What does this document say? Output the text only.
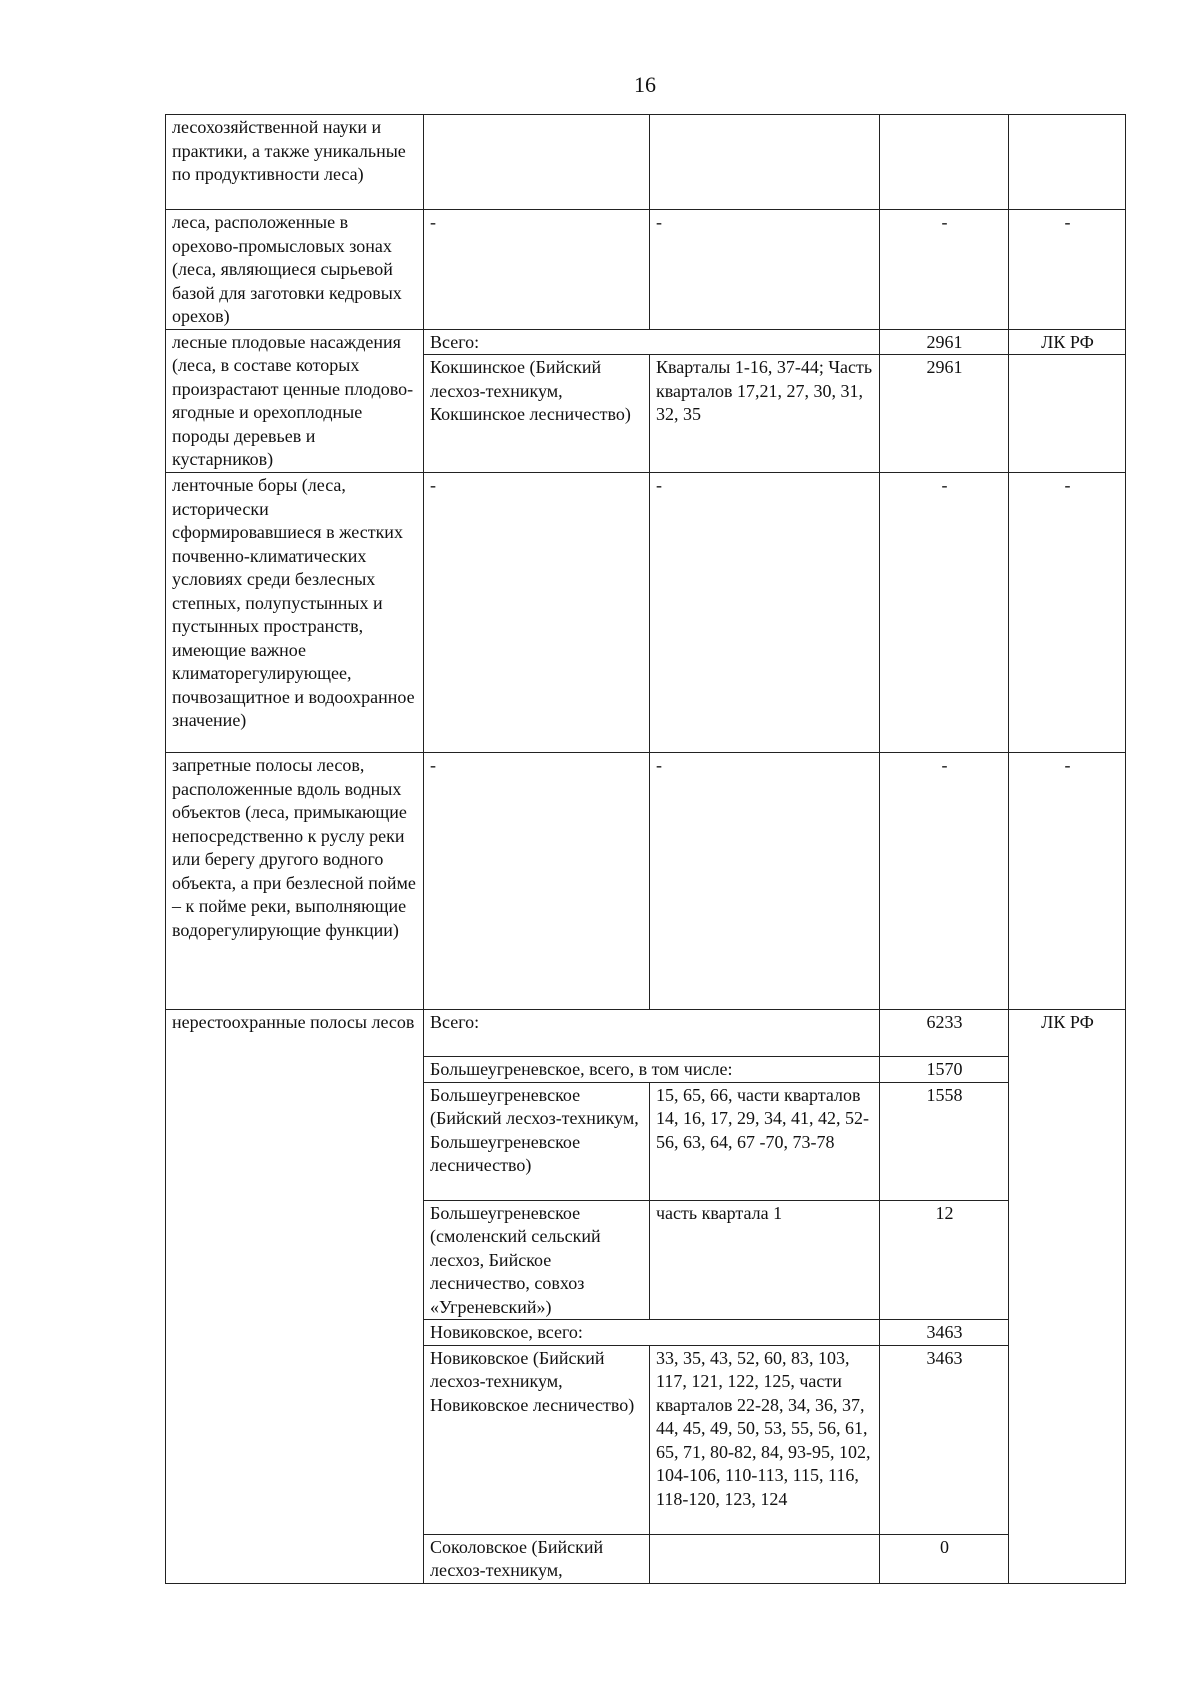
16
лесохозяйственной науки и практики, а также уникальные по продуктивности леса)				
леса, расположенные в орехово-промысловых зонах (леса, являющиеся сырьевой базой для заготовки кедровых орехов)	-	-	-	-
лесные плодовые насаждения (леса, в составе которых произрастают ценные плодово-ягодные и орехоплодные породы деревьев и кустарников)	Всего:		2961	ЛК РФ
	Кокшинское (Бийский лесхоз-техникум, Кокшинское лесничество)	Кварталы 1-16, 37-44; Часть кварталов 17,21, 27, 30, 31, 32, 35	2961	
ленточные боры (леса, исторически сформировавшиеся в жестких почвенно-климатических условиях среди безлесных степных, полупустынных и пустынных пространств, имеющие важное климаторегулирующее, почвозащитное и водоохранное значение)	-	-	-	-
запретные полосы лесов, расположенные вдоль водных объектов (леса, примыкающие непосредственно к руслу реки или берегу другого водного объекта, а при безлесной пойме – к пойме реки, выполняющие водорегулирующие функции)	-	-	-	-
нерестоохранные полосы лесов	Всего:		6233	ЛК РФ
	Большеугреневское, всего, в том числе:		1570	
	Большеугреневское (Бийский лесхоз-техникум, Большеугреневское лесничество)	15, 65, 66, части кварталов 14, 16, 17, 29, 34, 41, 42, 52-56, 63, 64, 67 -70, 73-78	1558	
	Большеугреневское (смоленский сельский лесхоз, Бийское лесничество, совхоз «Угреневский»)	часть квартала 1	12	
	Новиковское, всего:		3463	
	Новиковское (Бийский лесхоз-техникум, Новиковское лесничество)	33, 35, 43, 52, 60, 83, 103, 117, 121, 122, 125, части кварталов 22-28, 34, 36, 37, 44, 45, 49, 50, 53, 55, 56, 61, 65, 71, 80-82, 84, 93-95, 102, 104-106, 110-113, 115, 116, 118-120, 123, 124	3463	
	Соколовское (Бийский лесхоз-техникум,		0	
